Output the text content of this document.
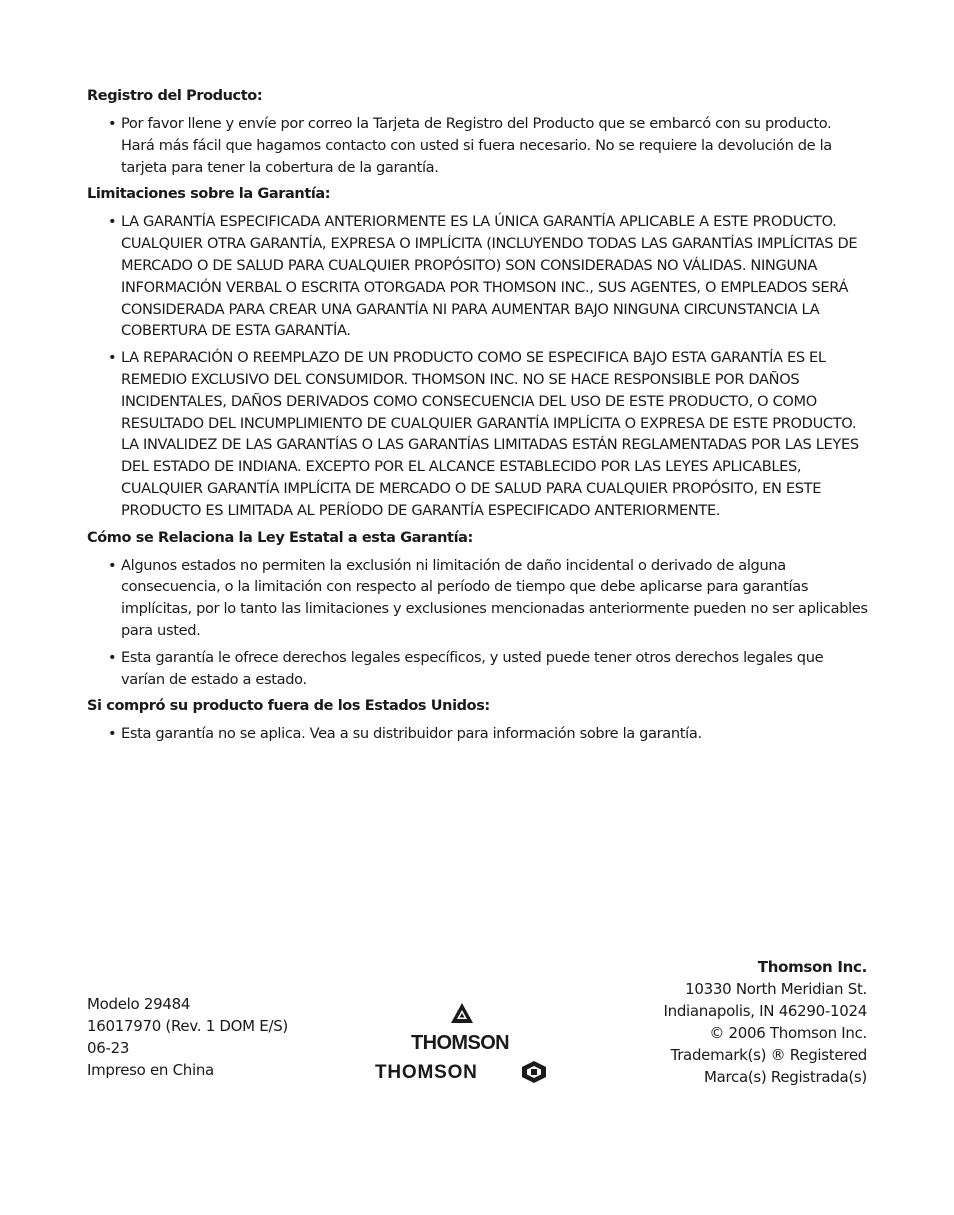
Registro del Producto:
• Por favor llene y envíe por correo la Tarjeta de Registro del Producto que se embarcó con su producto. Hará más fácil que hagamos contacto con usted si fuera necesario. No se requiere la devolución de la tarjeta para tener la cobertura de la garantía.
Limitaciones sobre la Garantía:
• LA GARANTÍA ESPECIFICADA ANTERIORMENTE ES LA ÚNICA GARANTÍA APLICABLE A ESTE PRODUCTO. CUALQUIER OTRA GARANTÍA, EXPRESA O IMPLÍCITA (INCLUYENDO TODAS LAS GARANTÍAS IMPLÍCITAS DE MERCADO O DE SALUD PARA CUALQUIER PROPÓSITO) SON CONSIDERADAS NO VÁLIDAS. NINGUNA INFORMACIÓN VERBAL O ESCRITA OTORGADA POR THOMSON INC., SUS AGENTES, O EMPLEADOS SERÁ CONSIDERADA PARA CREAR UNA GARANTÍA NI PARA AUMENTAR BAJO NINGUNA CIRCUNSTANCIA LA COBERTURA DE ESTA GARANTÍA.
• LA REPARACIÓN O REEMPLAZO DE UN PRODUCTO COMO SE ESPECIFICA BAJO ESTA GARANTÍA ES EL REMEDIO EXCLUSIVO DEL CONSUMIDOR. THOMSON INC. NO SE HACE RESPONSIBLE POR DAÑOS INCIDENTALES, DAÑOS DERIVADOS COMO CONSECUENCIA DEL USO DE ESTE PRODUCTO, O COMO RESULTADO DEL INCUMPLIMIENTO DE CUALQUIER GARANTÍA IMPLÍCITA O EXPRESA DE ESTE PRODUCTO. LA INVALIDEZ DE LAS GARANTÍAS O LAS GARANTÍAS LIMITADAS ESTÁN REGLAMENTADAS POR LAS LEYES DEL ESTADO DE INDIANA. EXCEPTO POR EL ALCANCE ESTABLECIDO POR LAS LEYES APLICABLES, CUALQUIER GARANTÍA IMPLÍCITA DE MERCADO O DE SALUD PARA CUALQUIER PROPÓSITO, EN ESTE PRODUCTO ES LIMITADA AL PERÍODO DE GARANTÍA ESPECIFICADO ANTERIORMENTE.
Cómo se Relaciona la Ley Estatal a esta Garantía:
• Algunos estados no permiten la exclusión ni limitación de daño incidental o derivado de alguna consecuencia, o la limitación con respecto al período de tiempo que debe aplicarse para garantías implícitas, por lo tanto las limitaciones y exclusiones mencionadas anteriormente pueden no ser aplicables para usted.
• Esta garantía le ofrece derechos legales específicos, y usted puede tener otros derechos legales que varían de estado a estado.
Si compró su producto fuera de los Estados Unidos:
• Esta garantía no se aplica. Vea a su distribuidor para información sobre la garantía.
Modelo 29484
16017970 (Rev. 1 DOM E/S)
06-23
Impreso en China
THOMSON
THOMSON
Thomson Inc.
10330 North Meridian St.
Indianapolis, IN 46290-1024
© 2006 Thomson Inc.
Trademark(s) ® Registered
Marca(s) Registrada(s)
